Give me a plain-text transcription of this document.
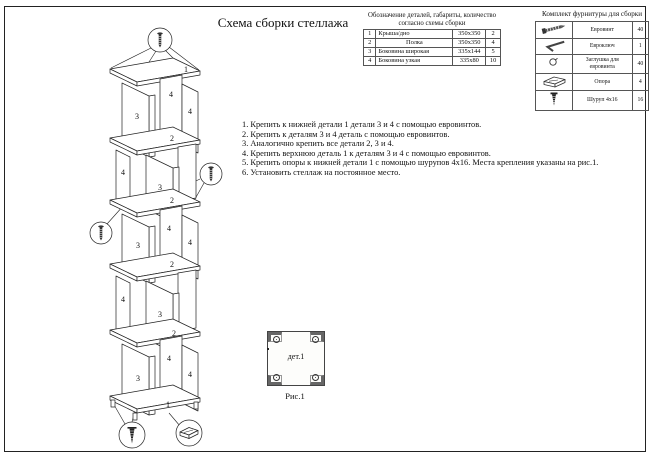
Схема сборки стеллажа	Обозначение деталей, габариты, количество
согласно схемы сборки
1	Крыша/дно	350x350	2
2	Полка	350x350	4
3	Боковина широкая	335x144	5
4	Боковина узкая	335x80	10
Комплект фурнитуры для сборки
	Евровинт	40
	Евроключ	1
	Заглушка для евровинта	40
	Опора	4
	Шуруп 4x16	16
1. Крепить к нижней детали 1 детали 3 и 4 с помощью евровинтов.
2. Крепить к деталям 3 и 4 деталь с помощью евровинтов.
3. Аналогично крепить все детали 2, 3 и 4.
4. Крепить верхнюю деталь 1 к деталям 3 и 4 с помощью евровинтов.
5. Крепить опоры к нижней детали 1 с помощью шурупов 4x16. Места крепления указаны на рис.1.
6. Установить стеллаж на постоянное место.
дет.1
Рис.1
1
2
2
2
2
1
3
4
4
4
3
3
4
4
4
3
3
4
4
